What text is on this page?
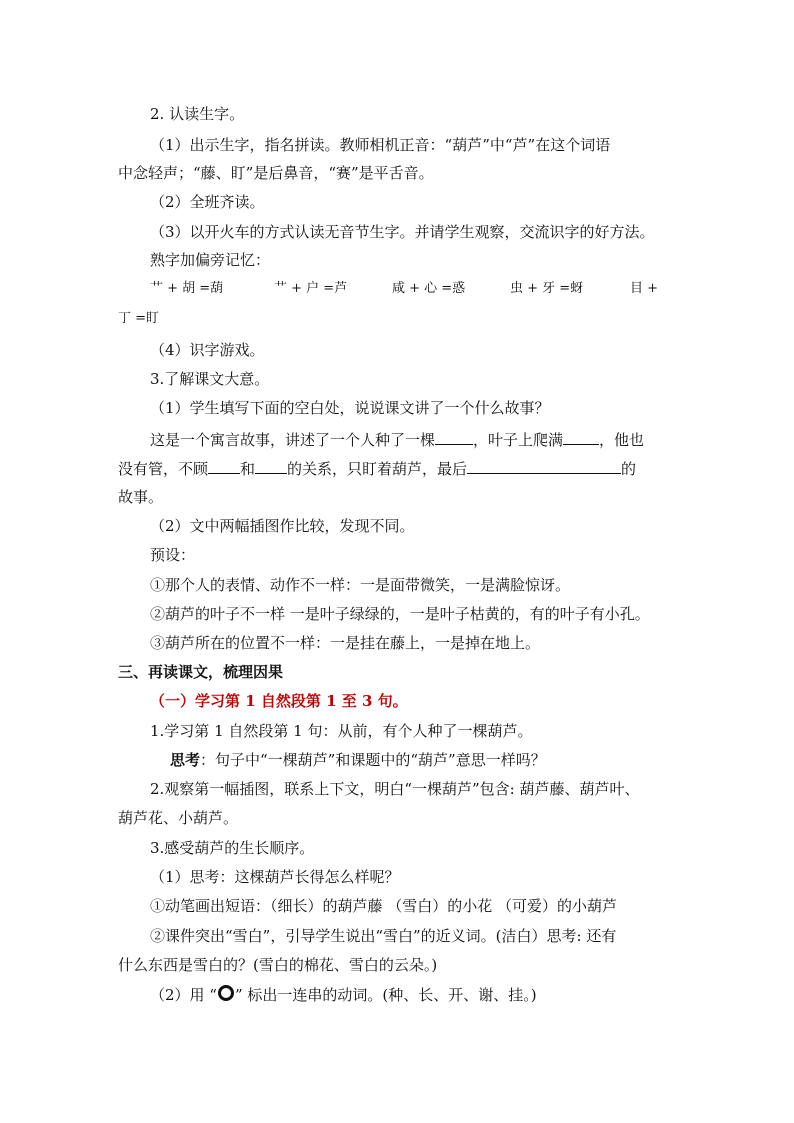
2. 认读生字。
（1）出示生字，指名拼读。教师相机正音：“葫芦”中“芦”在这个词语
中念轻声；“藤、盯”是后鼻音，“赛”是平舌音。
（2）全班齐读。
（3）以开火车的方式认读无音节生字。并请学生观察，交流识字的好方法。
熟字加偏旁记忆：
艹 + 胡 =葫	艹 + 户 =芦	咸 + 心 =惑	虫 + 牙 =蚜	目 +
丁 =盯
（4）识字游戏。
3.了解课文大意。
（1）学生填写下面的空白处，说说课文讲了一个什么故事？
这是一个寓言故事，讲述了一个人种了一棵	，叶子上爬满 ，他也
没有管，不顾 和 的关系，只盯着葫芦，最后	的
故事。
（2）文中两幅插图作比较，发现不同。
预设：
①那个人的表情、动作不一样：一是面带微笑，一是满脸惊讶。
②葫芦的叶子不一样 一是叶子绿绿的，一是叶子枯黄的，有的叶子有小孔。
③葫芦所在的位置不一样：一是挂在藤上，一是掉在地上。
三、再读课文，梳理因果
（一）学习第 1 自然段第 1 至 3 句。
1.学习第 1 自然段第 1 句：从前，有个人种了一棵葫芦。
思考：句子中“一棵葫芦”和课题中的“葫芦”意思一样吗？
2.观察第一幅插图，联系上下文，明白“一棵葫芦”包含: 葫芦藤、葫芦叶、
葫芦花、小葫芦。
3.感受葫芦的生长顺序。
（1）思考：这棵葫芦长得怎么样呢？
①动笔画出短语：（细长）的葫芦藤 （雪白）的小花 （可爱）的小葫芦
②课件突出“雪白”，引导学生说出“雪白”的近义词。(洁白）思考: 还有
什么东西是雪白的？(雪白的棉花、雪白的云朵。)
（2）用 “○” 标出一连串的动词。(种、长、开、谢、挂。)
